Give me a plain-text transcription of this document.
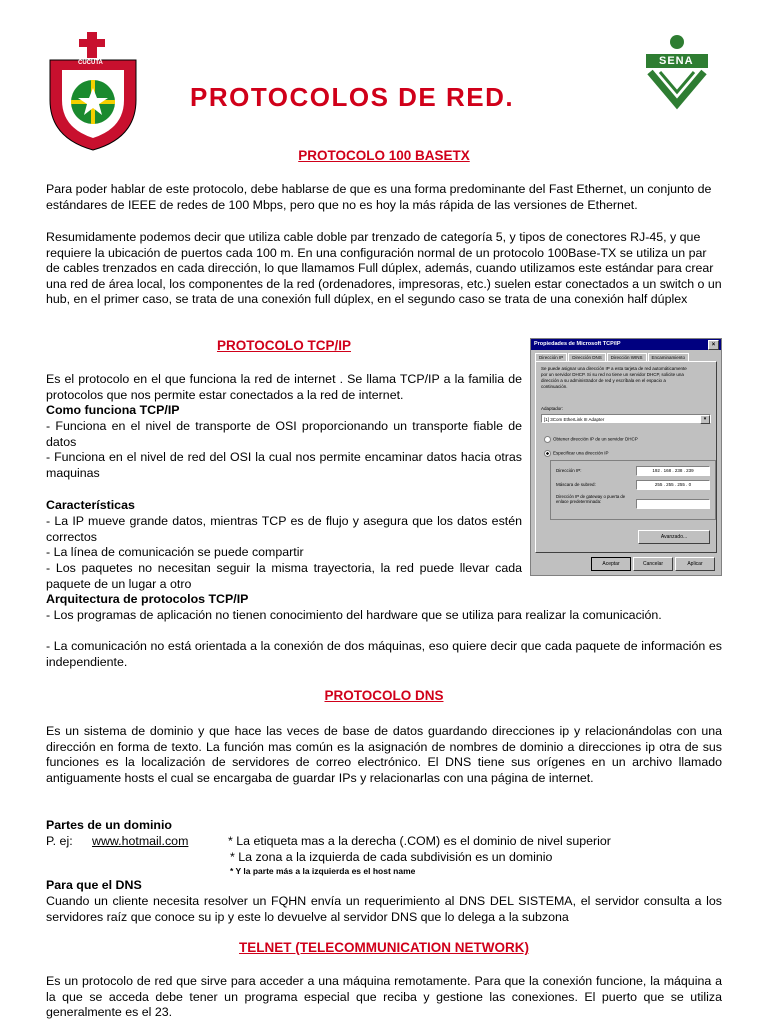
CUCUTA
PROTOCOLOS DE RED.
SENA
PROTOCOLO 100 BASETX
Para poder hablar de este protocolo, debe hablarse de que es una forma predominante del Fast Ethernet, un conjunto de estándares de IEEE de redes de 100 Mbps, pero que no es hoy la más rápida de las versiones de Ethernet.
Resumidamente podemos decir que utiliza cable doble par trenzado de categoría 5, y tipos de conectores RJ-45, y que requiere la ubicación de puertos cada 100 m. En una configuración normal de un protocolo 100Base-TX se utiliza un par de cables trenzados en cada dirección, lo que llamamos Full dúplex, además, cuando utilizamos este estándar para crear una red de área local, los componentes de la red (ordenadores, impresoras, etc.) suelen estar conectados a un switch o un hub, en el primer caso, se trata de una conexión full dúplex, en el segundo caso se trata de una conexión half dúplex
PROTOCOLO TCP/IP
Es el protocolo en el que funciona la red de internet . Se llama TCP/IP a la familia de protocolos que nos permite estar conectados a la red de internet.
Como funciona TCP/IP
- Funciona en el nivel de transporte de OSI proporcionando un transporte fiable de datos
- Funciona en el nivel de red del OSI la cual nos permite encaminar datos hacia otras maquinas
Características
- La IP mueve grande datos, mientras TCP es de flujo y asegura que los datos estén correctos
- La línea de comunicación se puede compartir
- Los paquetes no necesitan seguir la misma trayectoria, la red puede llevar cada paquete de un lugar a otro
Arquitectura de protocolos TCP/IP
- Los programas de aplicación no tienen conocimiento del hardware que se utiliza para realizar la comunicación.
- La comunicación no está orientada a la conexión de dos máquinas, eso quiere decir que cada paquete de información es independiente.
Propiedades de Microsoft TCP/IP	×
Dirección IP Dirección DNS Dirección WINS Encaminamiento
Se puede asignar una dirección IP a esta tarjeta de red automáticamente por un servidor DHCP. Si su red no tiene un servidor DHCP, solicite una dirección a su administrador de red y escríbala en el espacio a continuación.
Adaptador:
[1] 3Com EtherLink III Adapter	▾
Obtener dirección IP de un servidor DHCP
Especificar una dirección IP
Dirección IP:	192 . 168 . 238 . 239
Máscara de subred:	255 . 255 . 255 . 0
Dirección IP de gateway o puerta de enlace predeterminada:
Avanzado...
Aceptar	Cancelar	Aplicar
PROTOCOLO DNS
Es un sistema de dominio y que hace las veces de base de datos guardando direcciones ip y relacionándolas con una dirección en forma de texto. La función mas común es la asignación de nombres de dominio a direcciones ip otra de sus funciones es la localización de servidores de correo electrónico. El DNS tiene sus orígenes en un archivo llamado antiguamente hosts el cual se encargaba de guardar IPs y relacionarlas con una página de internet.
Partes de un dominio
P. ej: www.hotmail.com	* La etiqueta mas a la derecha (.COM) es el dominio de nivel superior
* La zona a la izquierda de cada subdivisión es un dominio
* Y la parte más a la izquierda es el host name
Para que el DNS
Cuando un cliente necesita resolver un FQHN envía un requerimiento al DNS DEL SISTEMA, el servidor consulta a los servidores raíz que conoce su ip y este lo devuelve al servidor DNS que lo delega a la subzona
TELNET (TELECOMMUNICATION NETWORK)
Es un protocolo de red que sirve para acceder a una máquina remotamente. Para que la conexión funcione, la máquina a la que se acceda debe tener un programa especial que reciba y gestione las conexiones. El puerto que se utiliza generalmente es el 23.
